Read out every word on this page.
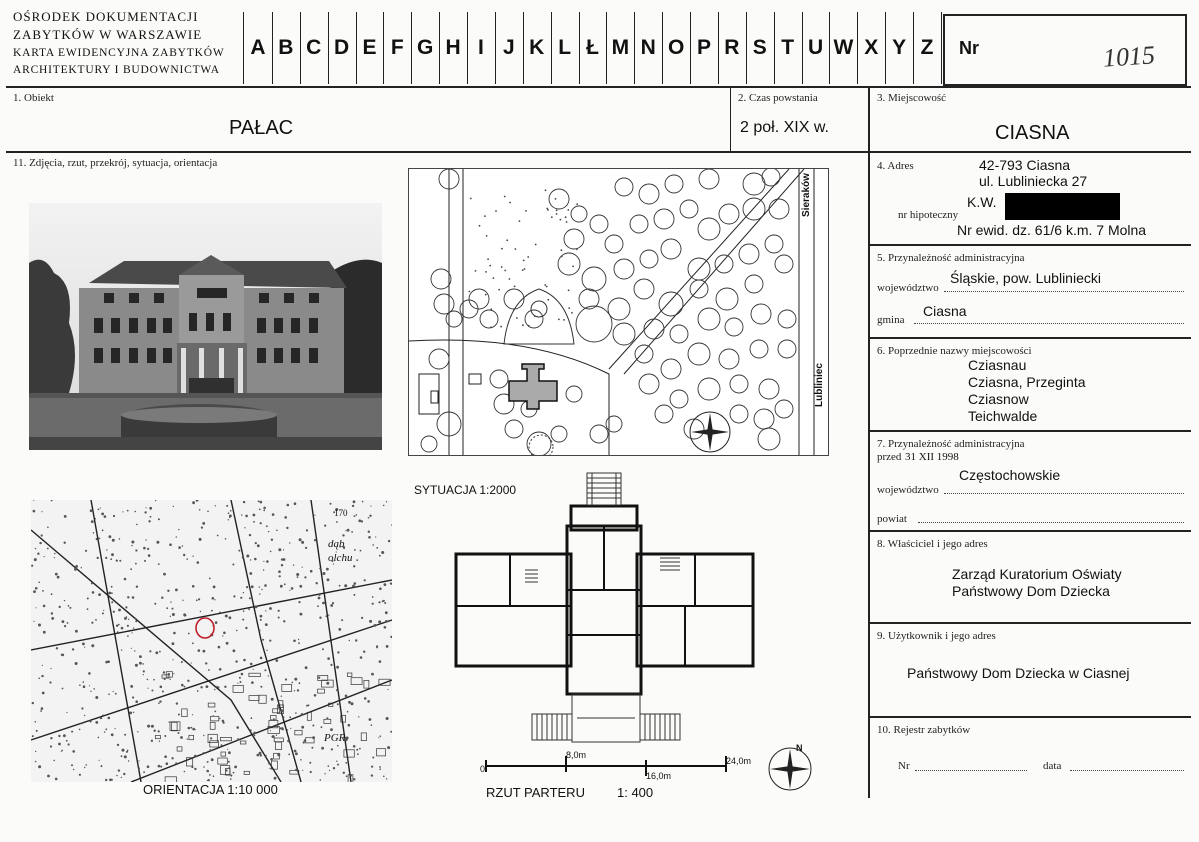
OŚRODEK DOKUMENTACJI
ZABYTKÓW W WARSZAWIE
KARTA EWIDENCYJNA ZABYTKÓW
ARCHITEKTURY I BUDOWNICTWA
A B C D E F G H I J K L Ł M N O P R S T U W X Y Z	Nr	1015
1. Obiekt
PAŁAC
2. Czas powstania
2 poł. XIX w.
3. Miejscowość
CIASNA
11. Zdjęcia, rzut, przekrój, sytuacja, orientacja	4. Adres	42-793 Ciasna
ul. Lubliniecka 27
nr hipoteczny
K.W.
Nr ewid. dz. 61/6 k.m. 7 Molna
5. Przynależność administracyjna
województwo
Śląskie, pow. Lubliniecki
gmina
Ciasna
6. Poprzednie nazwy miejscowości
Cziasnau
Cziasna, Przeginta
Cziasnow
Teichwalde
7. Przynależność administracyjna
przed 31 XII 1998
województwo
Częstochowskie
powiat
8. Właściciel i jego adres
Zarząd Kuratorium Oświaty
Państwowy Dom Dziecka
9. Użytkownik i jego adres
Państwowy Dom Dziecka w Ciasnej
10. Rejestr zabytków
Nr	data
Sieraków
Lubliniec
SYTUACJA 1:2000
dąb
olchu
170
PGR
ORIENTACJA 1:10 000
0
8,0m
16,0m
24,0m
N
RZUT PARTERU 1: 400
